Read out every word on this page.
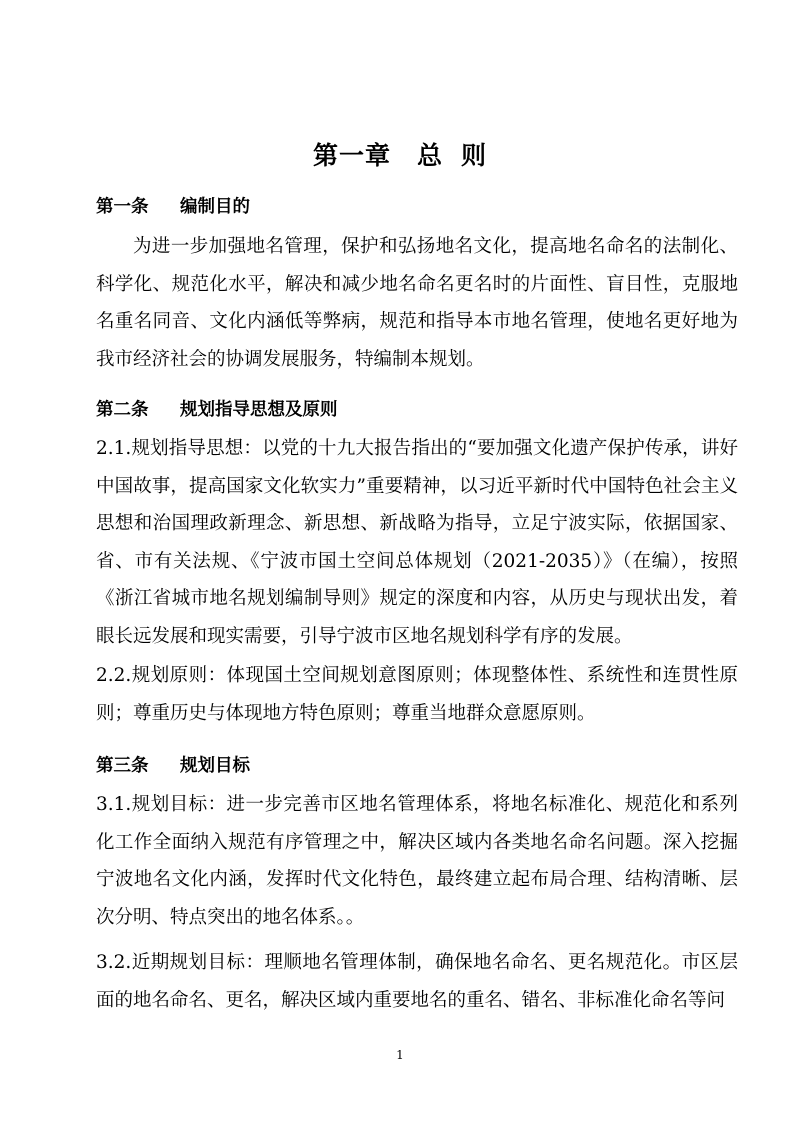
第一章 总 则
第一条 编制目的

为进一步加强地名管理，保护和弘扬地名文化，提高地名命名的法制化、科学化、规范化水平，解决和减少地名命名更名时的片面性、盲目性，克服地名重名同音、文化内涵低等弊病，规范和指导本市地名管理，使地名更好地为我市经济社会的协调发展服务，特编制本规划。

第二条 规划指导思想及原则

2.1.规划指导思想：以党的十九大报告指出的“要加强文化遗产保护传承，讲好中国故事，提高国家文化软实力”重要精神，以习近平新时代中国特色社会主义思想和治国理政新理念、新思想、新战略为指导，立足宁波实际，依据国家、省、市有关法规、《宁波市国土空间总体规划（2021-2035）》（在编），按照《浙江省城市地名规划编制导则》规定的深度和内容，从历史与现状出发，着眼长远发展和现实需要，引导宁波市区地名规划科学有序的发展。

2.2.规划原则：体现国土空间规划意图原则；体现整体性、系统性和连贯性原则；尊重历史与体现地方特色原则；尊重当地群众意愿原则。

第三条 规划目标

3.1.规划目标：进一步完善市区地名管理体系，将地名标准化、规范化和系列化工作全面纳入规范有序管理之中，解决区域内各类地名命名问题。深入挖掘宁波地名文化内涵，发挥时代文化特色，最终建立起布局合理、结构清晰、层次分明、特点突出的地名体系。。

3.2.近期规划目标：理顺地名管理体制，确保地名命名、更名规范化。市区层面的地名命名、更名，解决区域内重要地名的重名、错名、非标准化命名等问

1
